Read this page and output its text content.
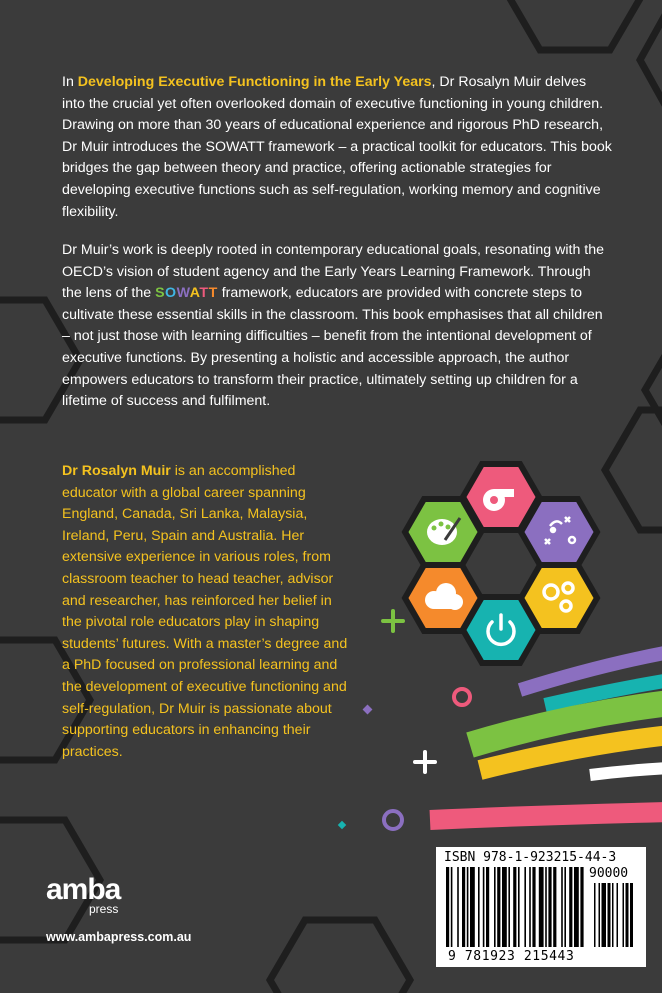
In Developing Executive Functioning in the Early Years, Dr Rosalyn Muir delves into the crucial yet often overlooked domain of executive functioning in young children. Drawing on more than 30 years of educational experience and rigorous PhD research, Dr Muir introduces the SOWATT framework – a practical toolkit for educators. This book bridges the gap between theory and practice, offering actionable strategies for developing executive functions such as self-regulation, working memory and cognitive flexibility.
Dr Muir’s work is deeply rooted in contemporary educational goals, resonating with the OECD’s vision of student agency and the Early Years Learning Framework. Through the lens of the SOWATT framework, educators are provided with concrete steps to cultivate these essential skills in the classroom. This book emphasises that all children – not just those with learning difficulties – benefit from the intentional development of executive functions. By presenting a holistic and accessible approach, the author empowers educators to transform their practice, ultimately setting up children for a lifetime of success and fulfilment.
Dr Rosalyn Muir is an accomplished educator with a global career spanning England, Canada, Sri Lanka, Malaysia, Ireland, Peru, Spain and Australia. Her extensive experience in various roles, from classroom teacher to head teacher, advisor and researcher, has reinforced her belief in the pivotal role educators play in shaping students’ futures. With a master’s degree and a PhD focused on professional learning and the development of executive functioning and self-regulation, Dr Muir is passionate about supporting educators in enhancing their practices.
amba
press
www.ambapress.com.au
ISBN 978-1-923215-44-3
90000
9 781923 215443
